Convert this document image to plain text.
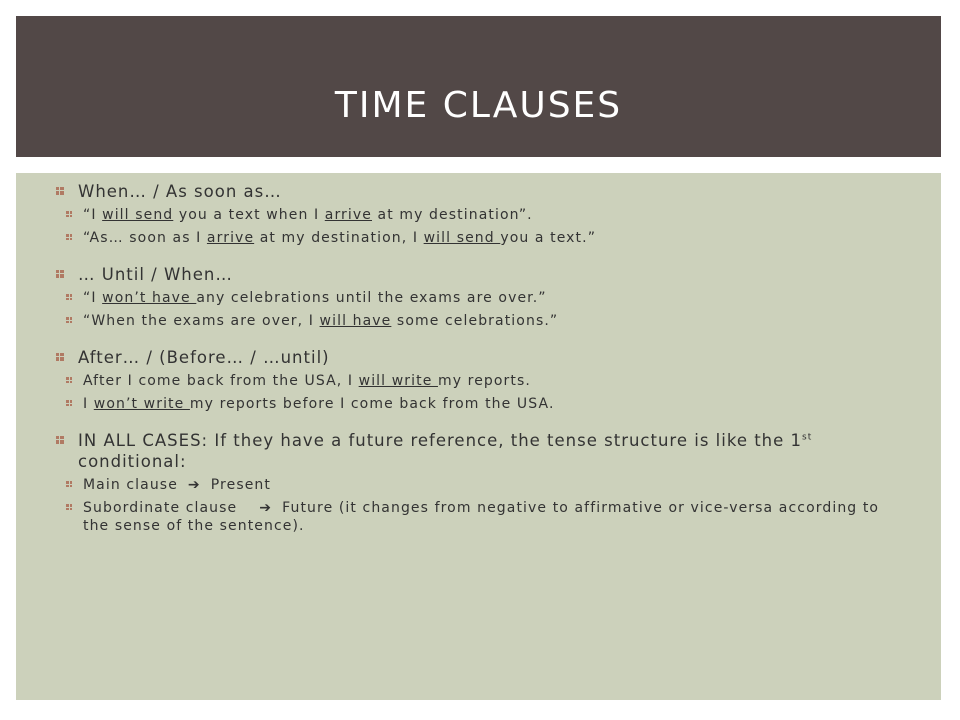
TIME CLAUSES
When… / As soon as…
“I will send you a text when I arrive at my destination”.
“As… soon as I arrive at my destination, I will send you a text.”
… Until / When…
“I won’t have any celebrations until the exams are over.”
“When the exams are over, I will have some celebrations.”
After… / (Before… / …until)
After I come back from the USA, I will write my reports.
I won’t write my reports before I come back from the USA.
IN ALL CASES: If they have a future reference, the tense structure is like the 1st conditional:
Main clause ➔ Present
Subordinate clause ➔ Future (it changes from negative to affirmative or vice-versa according to the sense of the sentence).
